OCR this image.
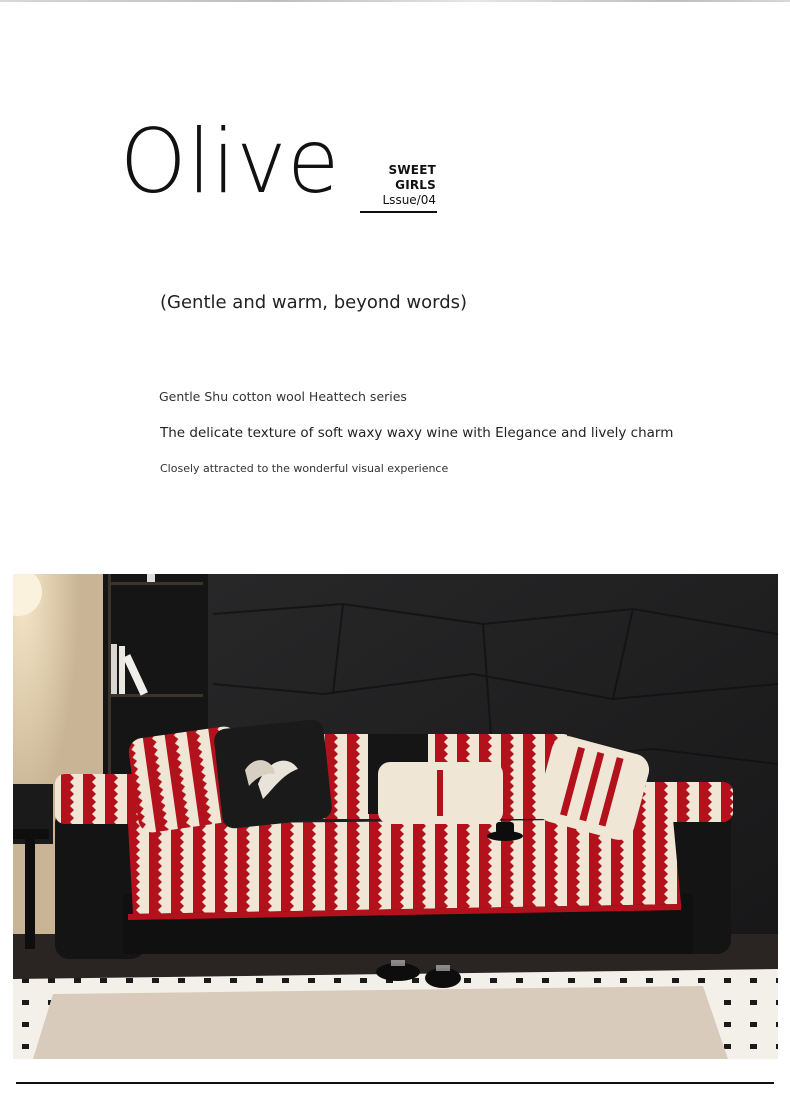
Olive	SWEET GIRLS
Lssue/04
(Gentle and warm, beyond words)
Gentle Shu cotton wool Heattech series
The delicate texture of soft waxy waxy wine with Elegance and lively charm
Closely attracted to the wonderful visual experience
